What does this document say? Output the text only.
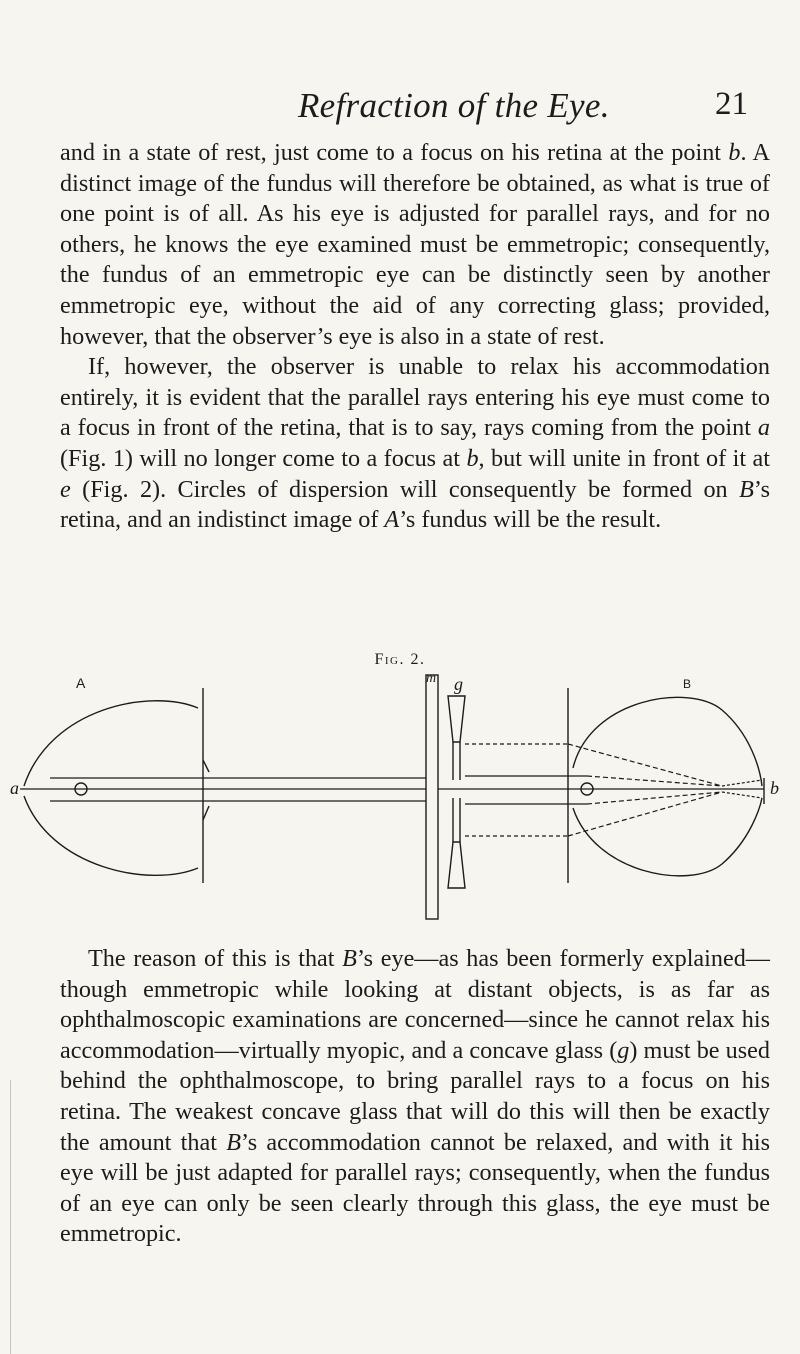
Refraction of the Eye.	21

and in a state of rest, just come to a focus on his retina at the point b. A distinct image of the fundus will therefore be obtained, as what is true of one point is of all. As his eye is adjusted for parallel rays, and for no others, he knows the eye examined must be emmetropic; consequently, the fundus of an emmetropic eye can be distinctly seen by another emmetropic eye, without the aid of any correcting glass; provided, however, that the observer’s eye is also in a state of rest.

If, however, the observer is unable to relax his accommodation entirely, it is evident that the parallel rays entering his eye must come to a focus in front of the retina, that is to say, rays coming from the point a (Fig. 1) will no longer come to a focus at b, but will unite in front of it at e (Fig. 2). Circles of dispersion will consequently be formed on B’s retina, and an indistinct image of A’s fundus will be the result.

Fig. 2.
A	B
a	b
m g

The reason of this is that B’s eye—as has been formerly explained—though emmetropic while looking at distant objects, is as far as ophthalmoscopic examinations are concerned—since he cannot relax his accommodation—virtually myopic, and a concave glass (g) must be used behind the ophthalmoscope, to bring parallel rays to a focus on his retina. The weakest concave glass that will do this will then be exactly the amount that B’s accommodation cannot be relaxed, and with it his eye will be just adapted for parallel rays; consequently, when the fundus of an eye can only be seen clearly through this glass, the eye must be emmetropic.
